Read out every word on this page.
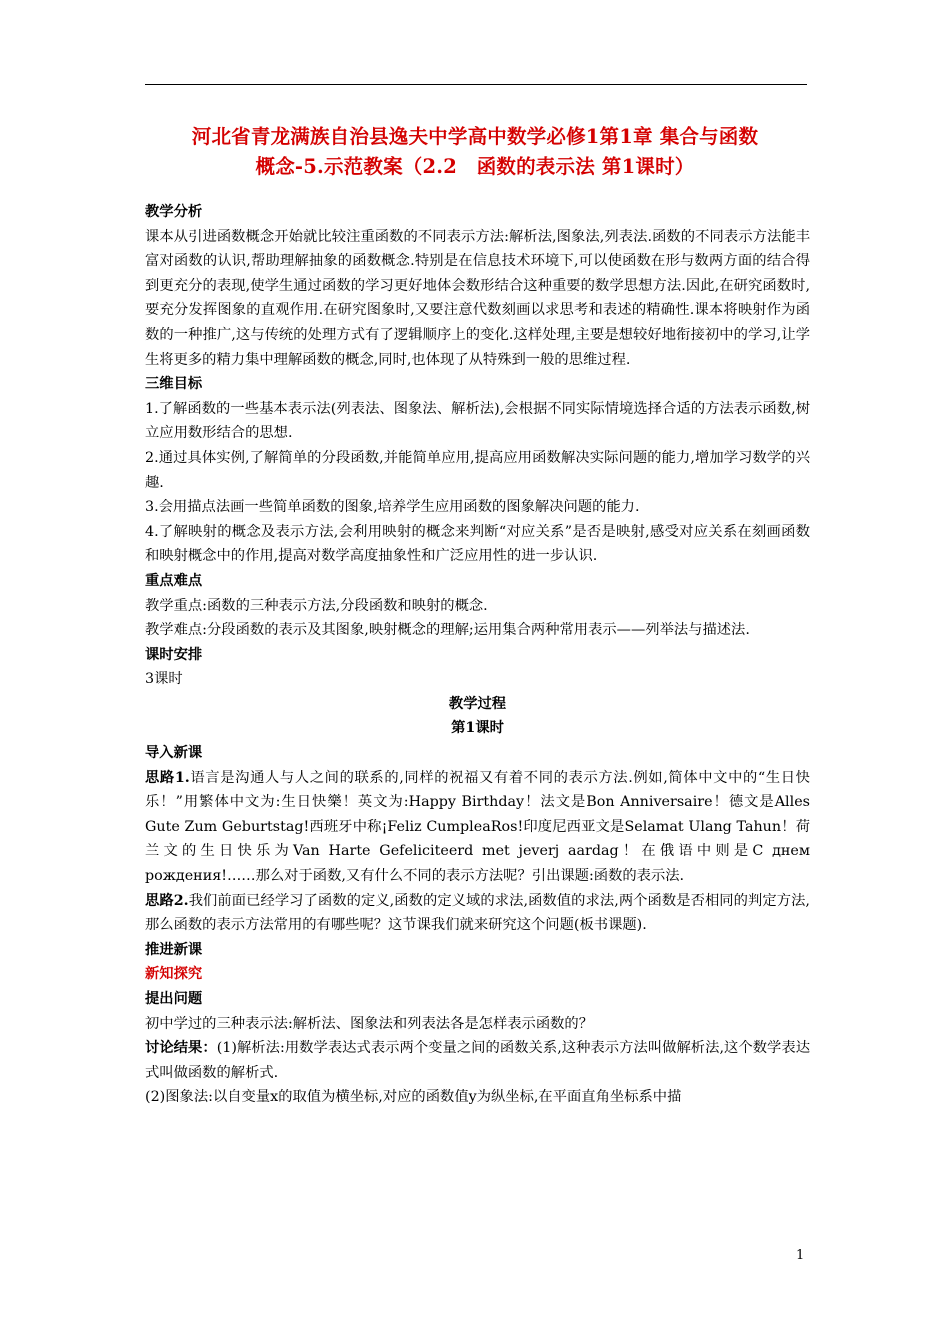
河北省青龙满族自治县逸夫中学高中数学必修1第1章 集合与函数
概念-5.示范教案（2.2　函数的表示法 第1课时）

教学分析

课本从引进函数概念开始就比较注重函数的不同表示方法:解析法,图象法,列表法.函数的不同表示方法能丰富对函数的认识,帮助理解抽象的函数概念.特别是在信息技术环境下,可以使函数在形与数两方面的结合得到更充分的表现,使学生通过函数的学习更好地体会数形结合这种重要的数学思想方法.因此,在研究函数时,要充分发挥图象的直观作用.在研究图象时,又要注意代数刻画以求思考和表述的精确性.课本将映射作为函数的一种推广,这与传统的处理方式有了逻辑顺序上的变化.这样处理,主要是想较好地衔接初中的学习,让学生将更多的精力集中理解函数的概念,同时,也体现了从特殊到一般的思维过程.

三维目标

1.了解函数的一些基本表示法(列表法、图象法、解析法),会根据不同实际情境选择合适的方法表示函数,树立应用数形结合的思想.

2.通过具体实例,了解简单的分段函数,并能简单应用,提高应用函数解决实际问题的能力,增加学习数学的兴趣.

3.会用描点法画一些简单函数的图象,培养学生应用函数的图象解决问题的能力.

4.了解映射的概念及表示方法,会利用映射的概念来判断“对应关系”是否是映射,感受对应关系在刻画函数和映射概念中的作用,提高对数学高度抽象性和广泛应用性的进一步认识.

重点难点

教学重点:函数的三种表示方法,分段函数和映射的概念.

教学难点:分段函数的表示及其图象,映射概念的理解;运用集合两种常用表示——列举法与描述法.

课时安排

3课时

教学过程

第1课时

导入新课

思路1.语言是沟通人与人之间的联系的,同样的祝福又有着不同的表示方法.例如,简体中文中的“生日快乐！”用繁体中文为:生日快樂！英文为:Happy Birthday！法文是Bon Anniversaire！德文是Alles Gute Zum Geburtstag!西班牙中称¡Feliz CumpleaRos!印度尼西亚文是Selamat Ulang Tahun！荷兰文的生日快乐为Van Harte Gefeliciteerd met jeverj aardag！在俄语中则是С днем рождения!……那么对于函数,又有什么不同的表示方法呢？引出课题:函数的表示法.

思路2.我们前面已经学习了函数的定义,函数的定义域的求法,函数值的求法,两个函数是否相同的判定方法,那么函数的表示方法常用的有哪些呢？这节课我们就来研究这个问题(板书课题).

推进新课

新知探究

提出问题

初中学过的三种表示法:解析法、图象法和列表法各是怎样表示函数的？

讨论结果：(1)解析法:用数学表达式表示两个变量之间的函数关系,这种表示方法叫做解析法,这个数学表达式叫做函数的解析式.

(2)图象法:以自变量x的取值为横坐标,对应的函数值y为纵坐标,在平面直角坐标系中描

1
